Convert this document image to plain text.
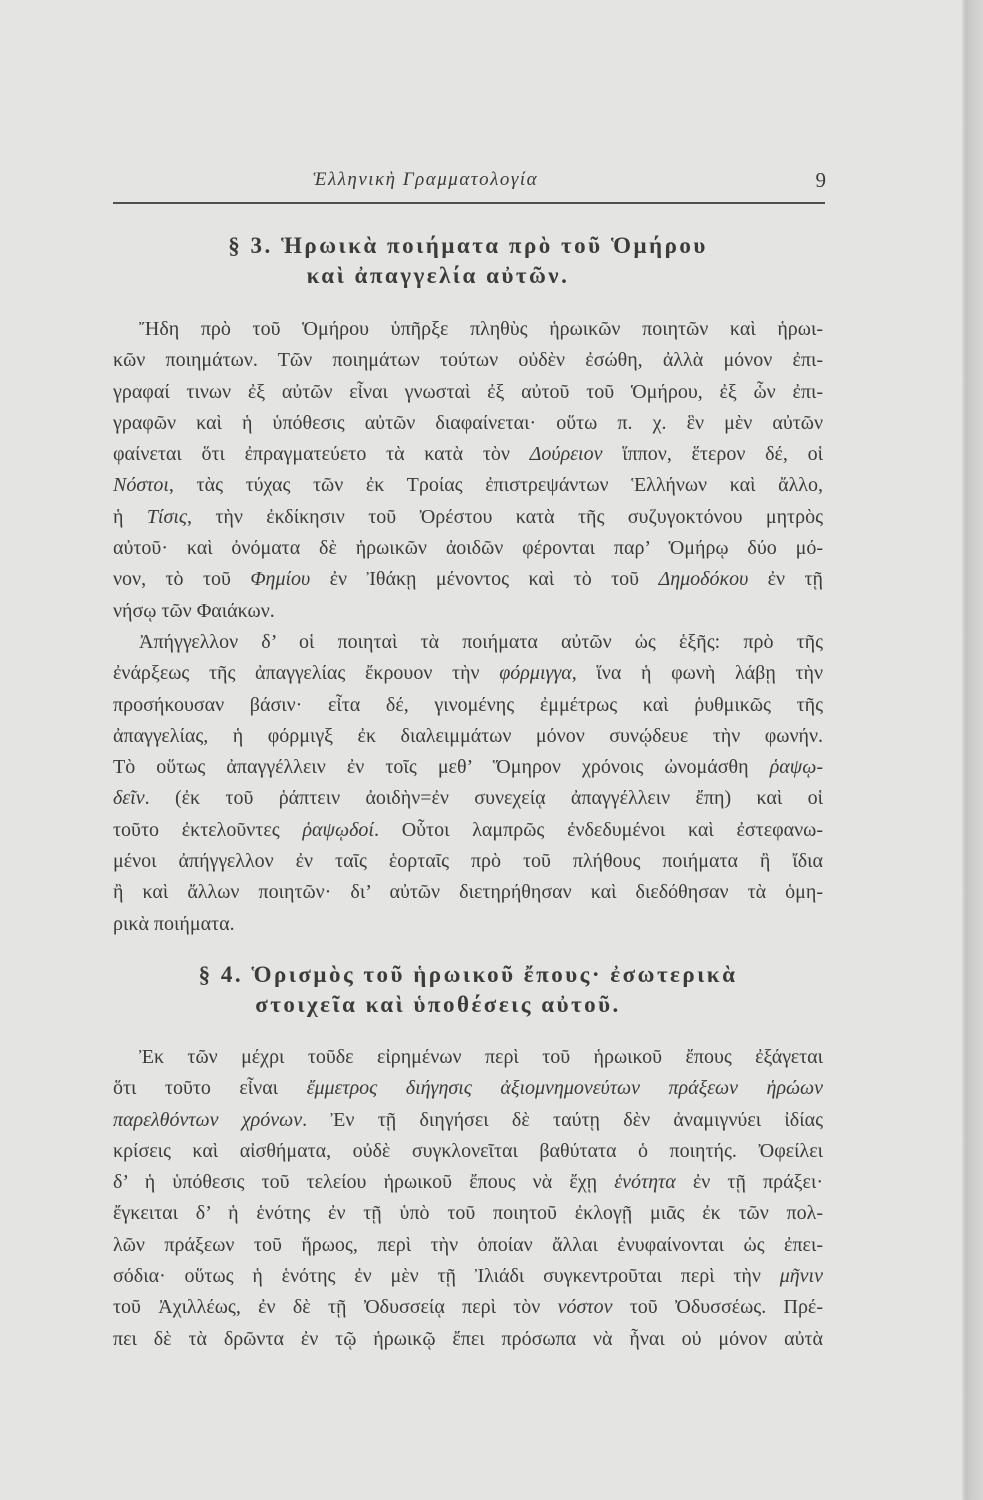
Ἑλληνικὴ Γραμματολογία	9
§ 3. Ἡρωικὰ ποιήματα πρὸ τοῦ Ὁμήρου
καὶ ἀπαγγελία αὐτῶν.
Ἤδη πρὸ τοῦ Ὁμήρου ὑπῆρξε πληθὺς ἡρωικῶν ποιητῶν καὶ ἡρωι-
κῶν ποιημάτων. Τῶν ποιημάτων τούτων οὐδὲν ἐσώθη, ἀλλὰ μόνον ἐπι-
γραφαί τινων ἐξ αὐτῶν εἶναι γνωσταὶ ἐξ αὐτοῦ τοῦ Ὁμήρου, ἐξ ὧν ἐπι-
γραφῶν καὶ ἡ ὑπόθεσις αὐτῶν διαφαίνεται· οὕτω π. χ. ἓν μὲν αὐτῶν
φαίνεται ὅτι ἐπραγματεύετο τὰ κατὰ τὸν Δούρειον ἵππον, ἕτερον δέ, οἱ
Νόστοι, τὰς τύχας τῶν ἐκ Τροίας ἐπιστρεψάντων Ἑλλήνων καὶ ἄλλο,
ἡ Τίσις, τὴν ἐκδίκησιν τοῦ Ὀρέστου κατὰ τῆς συζυγοκτόνου μητρὸς
αὐτοῦ· καὶ ὀνόματα δὲ ἡρωικῶν ἀοιδῶν φέρονται παρ’ Ὁμήρῳ δύο μό-
νον, τὸ τοῦ Φημίου ἐν Ἰθάκῃ μένοντος καὶ τὸ τοῦ Δημοδόκου ἐν τῇ
νήσῳ τῶν Φαιάκων.
Ἀπήγγελλον δ’ οἱ ποιηταὶ τὰ ποιήματα αὐτῶν ὡς ἑξῆς: πρὸ τῆς
ἐνάρξεως τῆς ἀπαγγελίας ἔκρουον τὴν φόρμιγγα, ἵνα ἡ φωνὴ λάβῃ τὴν
προσήκουσαν βάσιν· εἶτα δέ, γινομένης ἐμμέτρως καὶ ῥυθμικῶς τῆς
ἀπαγγελίας, ἡ φόρμιγξ ἐκ διαλειμμάτων μόνον συνῴδευε τὴν φωνήν.
Τὸ οὕτως ἀπαγγέλλειν ἐν τοῖς μεθ’ Ὅμηρον χρόνοις ὠνομάσθη ῥαψῳ-
δεῖν. (ἐκ τοῦ ῥάπτειν ἀοιδὴν=ἐν συνεχείᾳ ἀπαγγέλλειν ἔπη) καὶ οἱ
τοῦτο ἐκτελοῦντες ῥαψῳδοί. Οὗτοι λαμπρῶς ἐνδεδυμένοι καὶ ἐστεφανω-
μένοι ἀπήγγελλον ἐν ταῖς ἑορταῖς πρὸ τοῦ πλήθους ποιήματα ἢ ἴδια
ἢ καὶ ἄλλων ποιητῶν· δι’ αὐτῶν διετηρήθησαν καὶ διεδόθησαν τὰ ὁμη-
ρικὰ ποιήματα.
§ 4. Ὁρισμὸς τοῦ ἡρωικοῦ ἔπους· ἐσωτερικὰ
στοιχεῖα καὶ ὑποθέσεις αὐτοῦ.
Ἐκ τῶν μέχρι τοῦδε εἰρημένων περὶ τοῦ ἡρωικοῦ ἔπους ἐξάγεται
ὅτι τοῦτο εἶναι ἔμμετρος διήγησις ἀξιομνημονεύτων πράξεων ἡρώων
παρελθόντων χρόνων. Ἐν τῇ διηγήσει δὲ ταύτῃ δὲν ἀναμιγνύει ἰδίας
κρίσεις καὶ αἰσθήματα, οὐδὲ συγκλονεῖται βαθύτατα ὁ ποιητής. Ὀφείλει
δ’ ἡ ὑπόθεσις τοῦ τελείου ἡρωικοῦ ἔπους νὰ ἔχῃ ἑνότητα ἐν τῇ πράξει·
ἔγκειται δ’ ἡ ἑνότης ἐν τῇ ὑπὸ τοῦ ποιητοῦ ἐκλογῇ μιᾶς ἐκ τῶν πολ-
λῶν πράξεων τοῦ ἥρωος, περὶ τὴν ὁποίαν ἄλλαι ἐνυφαίνονται ὡς ἐπει-
σόδια· οὕτως ἡ ἑνότης ἐν μὲν τῇ Ἰλιάδι συγκεντροῦται περὶ τὴν μῆνιν
τοῦ Ἀχιλλέως, ἐν δὲ τῇ Ὀδυσσείᾳ περὶ τὸν νόστον τοῦ Ὀδυσσέως. Πρέ-
πει δὲ τὰ δρῶντα ἐν τῷ ἡρωικῷ ἔπει πρόσωπα νὰ ἦναι οὐ μόνον αὐτὰ
